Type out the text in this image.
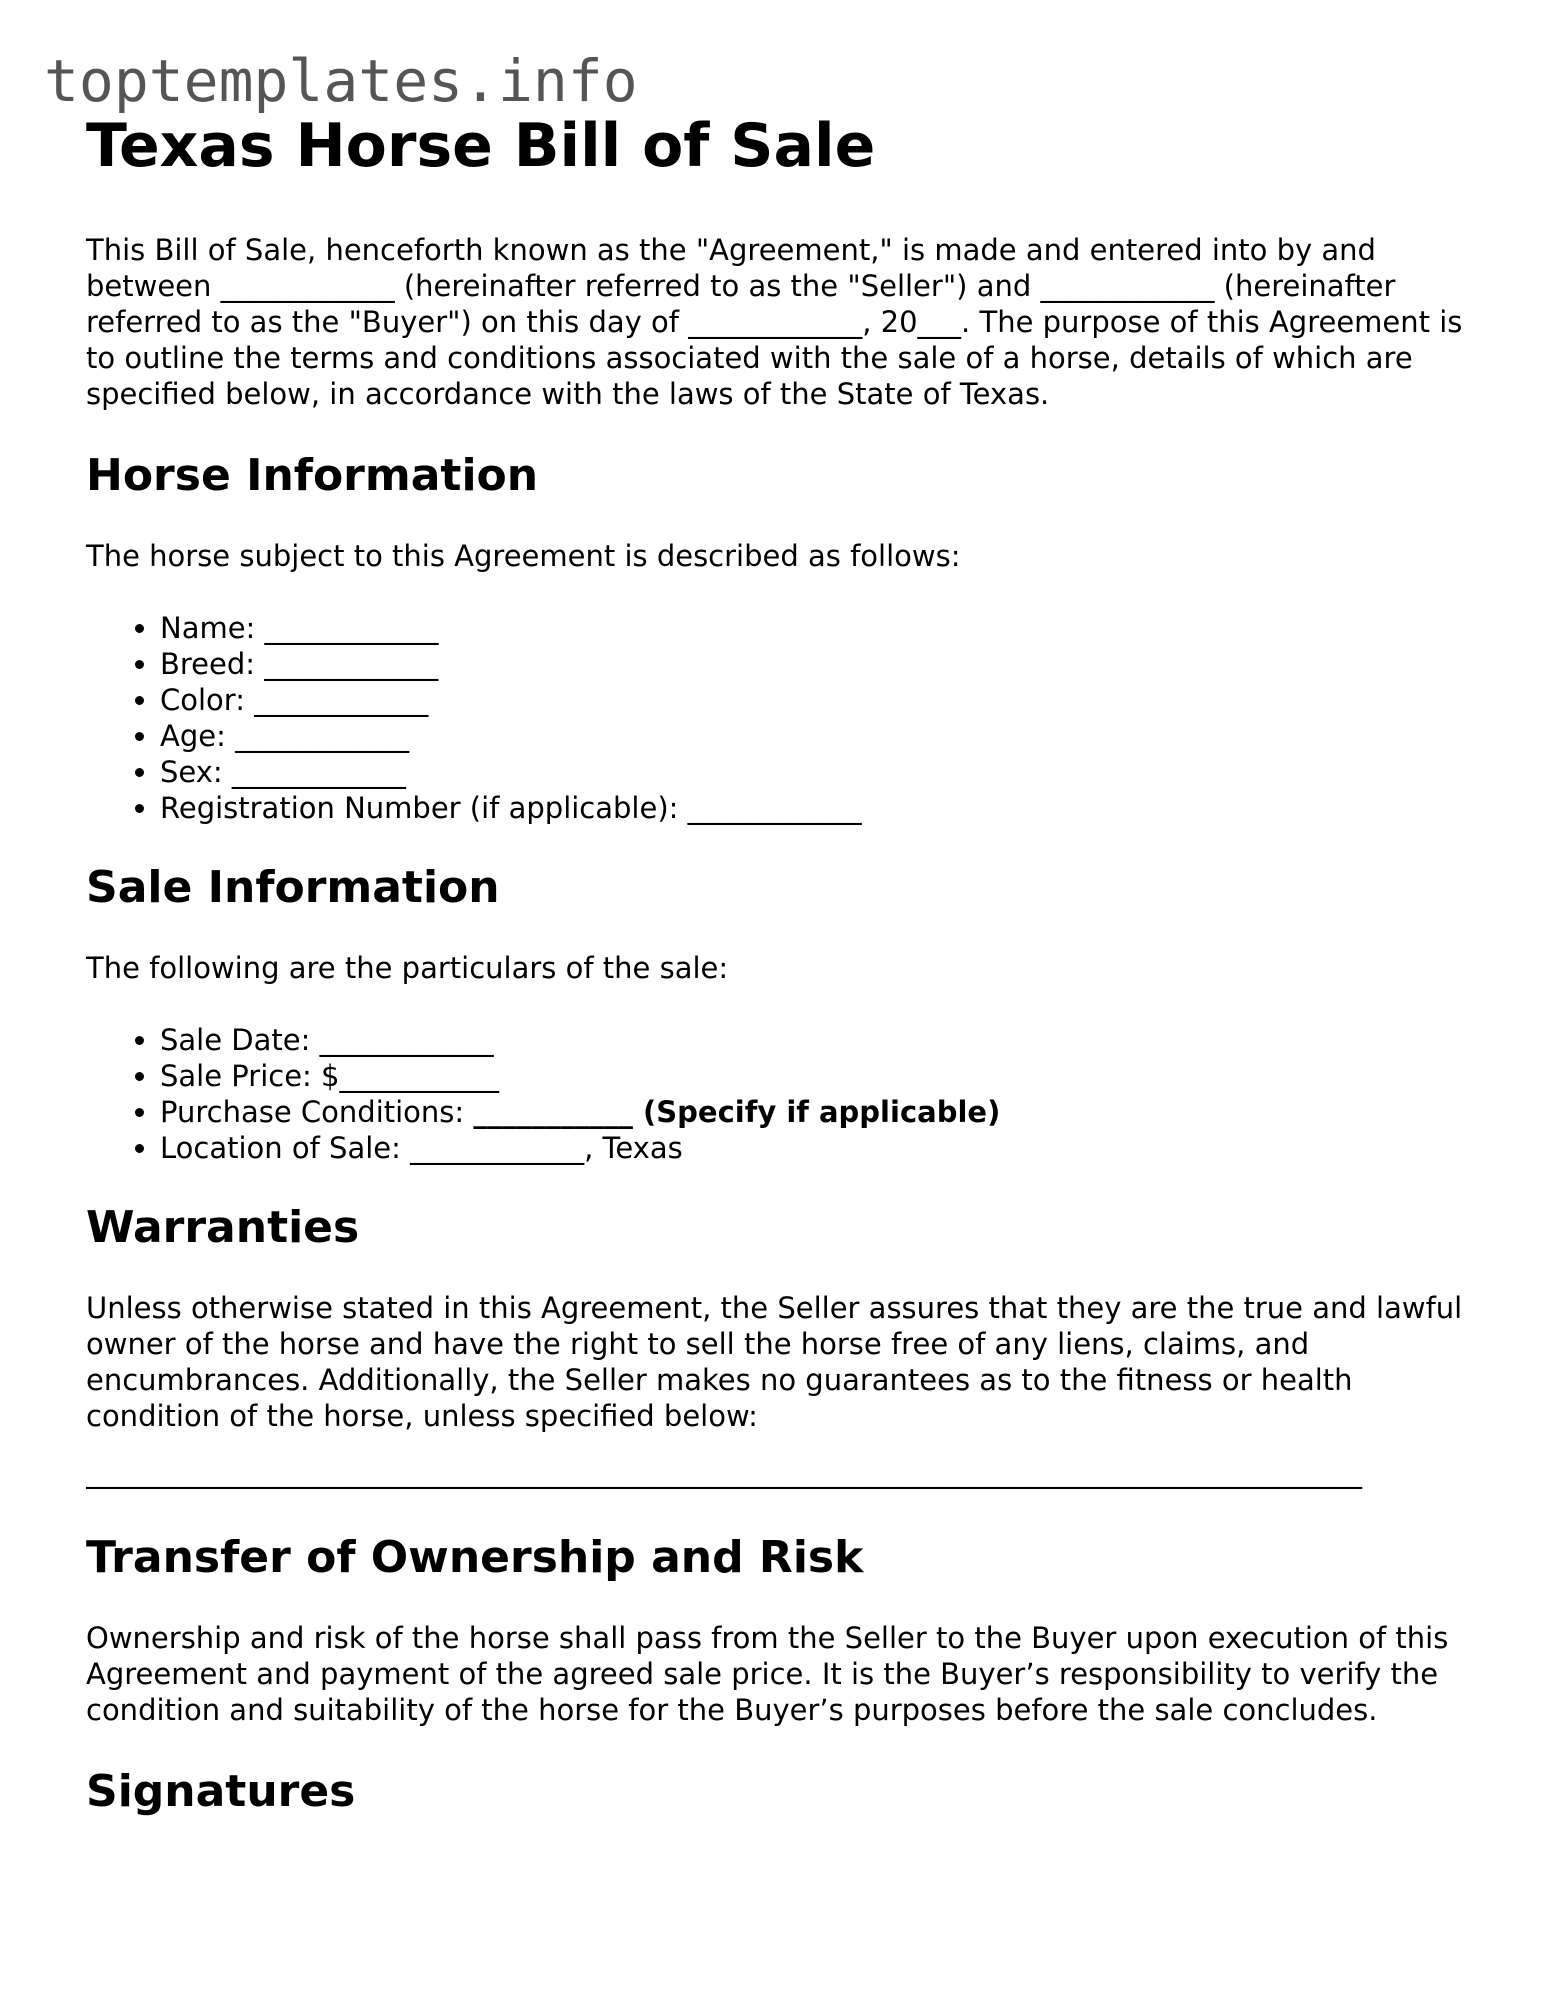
toptemplates.info
Texas Horse Bill of Sale

This Bill of Sale, henceforth known as the "Agreement," is made and entered into by and between ____________ (hereinafter referred to as the "Seller") and ____________ (hereinafter referred to as the "Buyer") on this day of ____________, 20___. The purpose of this Agreement is to outline the terms and conditions associated with the sale of a horse, details of which are specified below, in accordance with the laws of the State of Texas.

Horse Information

The horse subject to this Agreement is described as follows:

• Name: ____________
• Breed: ____________
• Color: ____________
• Age: ____________
• Sex: ____________
• Registration Number (if applicable): ____________
Sale Information

The following are the particulars of the sale:

• Sale Date: ____________
• Sale Price: $___________
• Purchase Conditions: ___________ (Specify if applicable)
• Location of Sale: ____________, Texas
Warranties

Unless otherwise stated in this Agreement, the Seller assures that they are the true and lawful owner of the horse and have the right to sell the horse free of any liens, claims, and encumbrances. Additionally, the Seller makes no guarantees as to the fitness or health condition of the horse, unless specified below:

________________________________________________________________________________________
Transfer of Ownership and Risk

Ownership and risk of the horse shall pass from the Seller to the Buyer upon execution of this Agreement and payment of the agreed sale price. It is the Buyer’s responsibility to verify the condition and suitability of the horse for the Buyer’s purposes before the sale concludes.

Signatures
